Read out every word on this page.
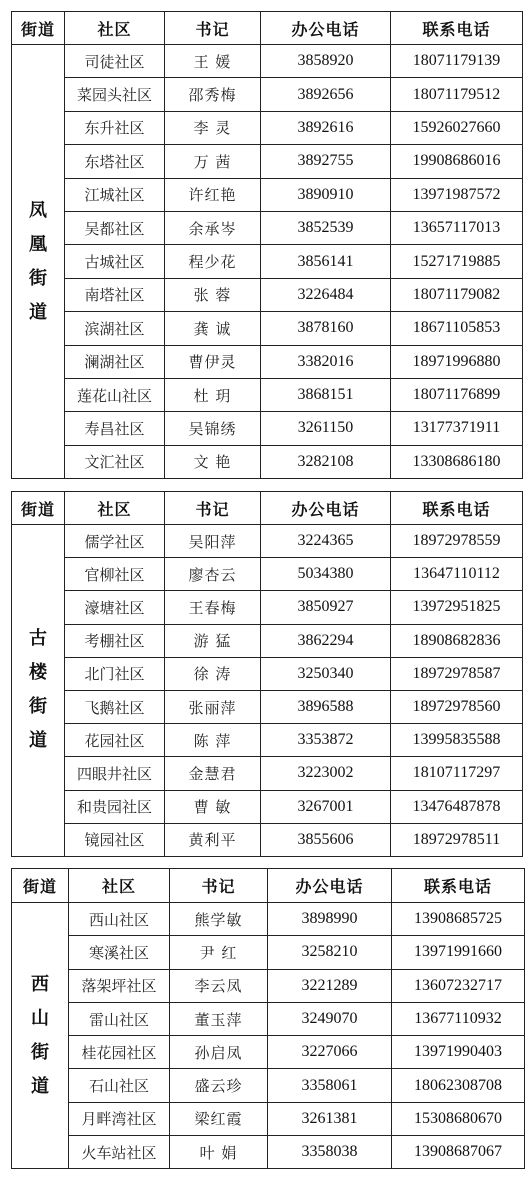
街道	社区	书记	办公电话	联系电话

凤
凰
街
道	司徒社区	王 媛	3858920	18071179139
	菜园头社区	邵秀梅	3892656	18071179512
	东升社区	李 灵	3892616	15926027660
	东塔社区	万 茜	3892755	19908686016
	江城社区	许红艳	3890910	13971987572
	吴都社区	余承岑	3852539	13657117013
	古城社区	程少花	3856141	15271719885
	南塔社区	张 蓉	3226484	18071179082
	滨湖社区	龚 诚	3878160	18671105853
	澜湖社区	曹伊灵	3382016	18971996880
	莲花山社区	杜 玥	3868151	18071176899
	寿昌社区	吴锦绣	3261150	13177371911
	文汇社区	文 艳	3282108	13308686180
街道	社区	书记	办公电话	联系电话

古
楼
街
道	儒学社区	吴阳萍	3224365	18972978559
	官柳社区	廖杏云	5034380	13647110112
	濠塘社区	王春梅	3850927	13972951825
	考棚社区	游 猛	3862294	18908682836
	北门社区	徐 涛	3250340	18972978587
	飞鹅社区	张丽萍	3896588	18972978560
	花园社区	陈 萍	3353872	13995835588
	四眼井社区	金慧君	3223002	18107117297
	和贵园社区	曹 敏	3267001	13476487878
	镜园社区	黄利平	3855606	18972978511
街道	社区	书记	办公电话	联系电话

西
山
街
道	西山社区	熊学敏	3898990	13908685725
	寒溪社区	尹 红	3258210	13971991660
	落架坪社区	李云凤	3221289	13607232717
	雷山社区	董玉萍	3249070	13677110932
	桂花园社区	孙启凤	3227066	13971990403
	石山社区	盛云珍	3358061	18062308708
	月畔湾社区	梁红霞	3261381	15308680670
	火车站社区	叶 娟	3358038	13908687067
